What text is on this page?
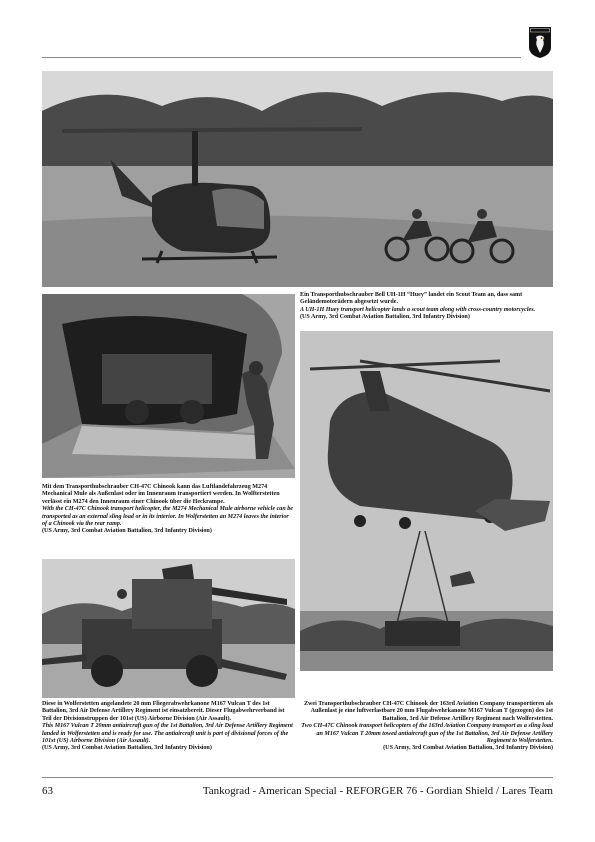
Ein Transporthubschrauber Bell UH-1H “Huey” landet ein Scout Team an, dass samt Geländemotorädern abgesetzt wurde.
A UH-1H Huey transport helicopter lands a scout team along with cross-country motorcycles.
(US Army, 3rd Combat Aviation Battalion, 3rd Infantry Division)
Mit dem Transporthubschrauber CH-47C Chinook kann das Luftlandefahrzeug M274 Mechanical Mule als Außenlast oder im Innenraum transportiert werden. In Wolfterstetten verlässt ein M274 den Innenraum einer Chinook über die Heckrampe.
With the CH-47C Chinook transport helicopter, the M274 Mechanical Mule airborne vehicle can be transported as an external sling load or in its interior. In Wolferstetten an M274 leaves the interior of a Chinook via the rear ramp.
(US Army, 3rd Combat Aviation Battalion, 3rd Infantry Division)
Diese in Wolferstetten angelandete 20 mm Fliegerabwehrkanone M167 Vulcan T des 1st Battalion, 3rd Air Defense Artillery Regiment ist einsatzbereit. Dieser Flugabwehrverband ist Teil der Divisionstruppen der 101st (US) Airborne Division (Air Assault).
This M167 Vulcan T 20mm antiaircraft gun of the 1st Battalion, 3rd Air Defense Artillery Regiment landed in Wolferstetten and is ready for use. The antiaircraft unit is part of divisional forces of the 101st (US) Airborne Division (Air Assault).
(US Army, 3rd Combat Aviation Battalion, 3rd Infantry Division)
Zwei Transporthubschrauber CH-47C Chinook der 163rd Aviation Company transportieren als Außenlast je eine luftverlastbare 20 mm Flugabwehrkanone M167 Vulcan T (gezogen) des 1st Battalion, 3rd Air Defense Artillery Regiment nach Wolferstetten.
Two CH-47C Chinook transport helicopters of the 163rd Aviation Company transport as a sling load an M167 Vulcan T 20mm towed antiaircraft gun of the 1st Battalion, 3rd Air Defense Artillery Regiment to Wolferstetten.
(US Army, 3rd Combat Aviation Battalion, 3rd Infantry Division)
63	Tankograd - American Special - REFORGER 76 - Gordian Shield / Lares Team
